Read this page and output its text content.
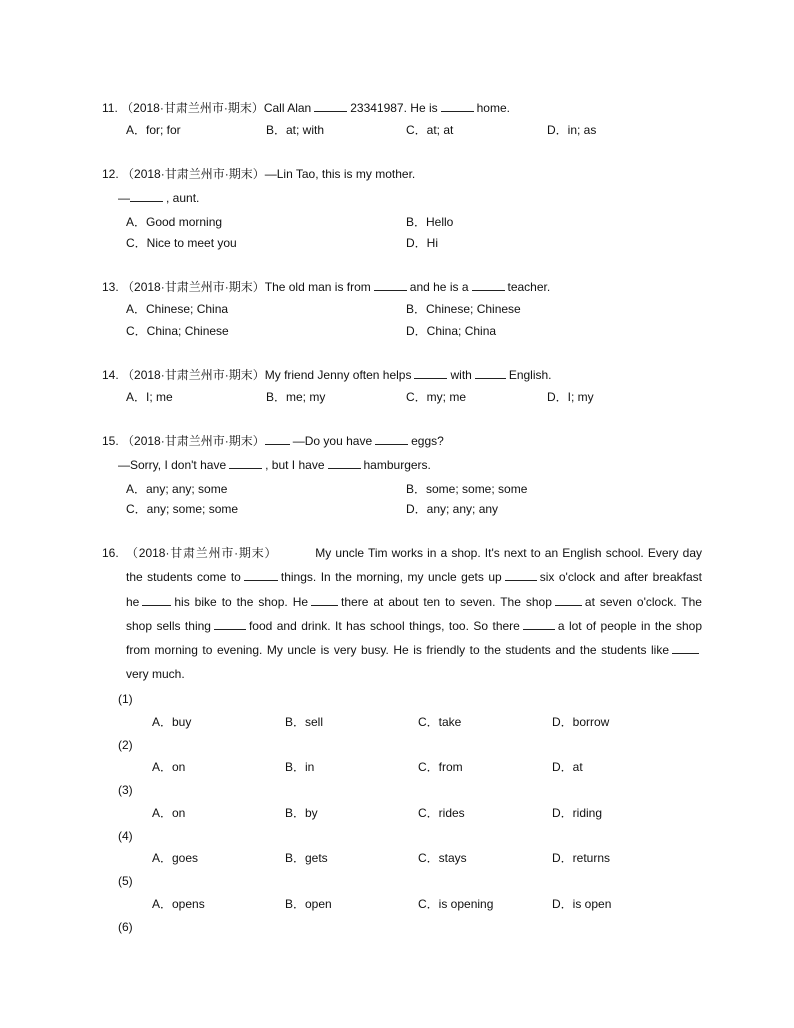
11. （2018·甘肃兰州市·期末）Call Alan	23341987. He is	home.
A．for; for	B．at; with	C．at; at	D．in; as
12. （2018·甘肃兰州市·期末）—Lin Tao, this is my mother.
—	, aunt.
A．Good morning	B．Hello
C．Nice to meet you	D．Hi
13. （2018·甘肃兰州市·期末）The old man is from	and he is a	teacher.
A．Chinese; China	B．Chinese; Chinese
C．China; Chinese	D．China; China
14. （2018·甘肃兰州市·期末）My friend Jenny often helps	with	English.
A．I; me	B．me; my	C．my; me	D．I; my
15. （2018·甘肃兰州市·期末） —Do you have	eggs?
—Sorry, I don't have	, but I have	hamburgers.
A．any; any; some	B．some; some; some
C．any; some; some	D．any; any; any
16. （2018·甘肃兰州市·期末）	My uncle Tim works in a shop. It's next to an English school. Every day the students come to	things. In the morning, my uncle gets up	six o'clock and after breakfast he	his bike to the shop. He	there at about ten to seven. The shop	at seven o'clock. The shop sells thing	food and drink. It has school things, too. So there	a lot of people in the shop from morning to evening. My uncle is very busy. He is friendly to the students and the students likevery much.
(1)
A．buy	B．sell	C．take	D．borrow
(2)
A．on	B．in	C．from	D．at
(3)
A．on	B．by	C．rides	D．riding
(4)
A．goes	B．gets	C．stays	D．returns
(5)
A．opens	B．open	C．is opening	D．is open
(6)
